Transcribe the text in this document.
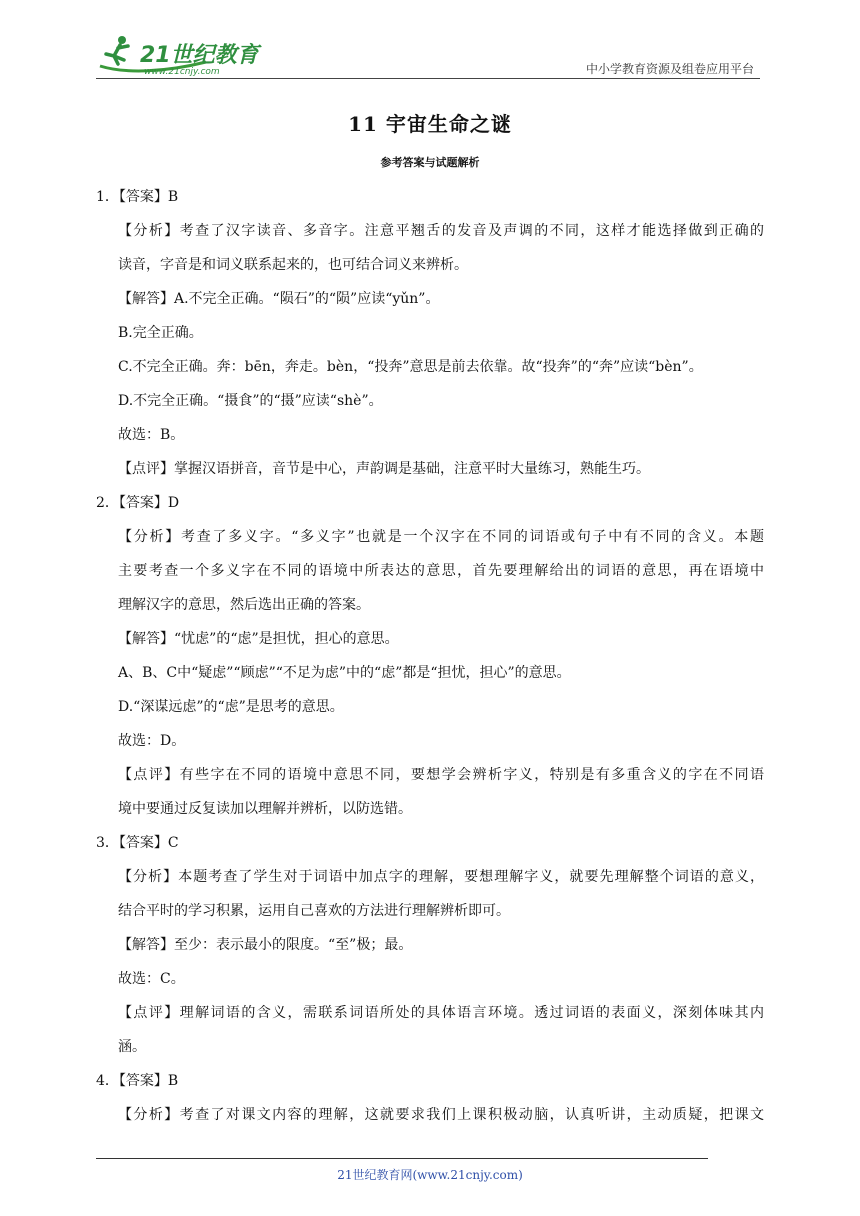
21世纪教育
www.21cnjy.com	中小学教育资源及组卷应用平台
11 宇宙生命之谜
参考答案与试题解析
1．【答案】B
【分析】考查了汉字读音、多音字。注意平翘舌的发音及声调的不同，这样才能选择做到正确的
读音，字音是和词义联系起来的，也可结合词义来辨析。
【解答】A.不完全正确。“陨石”的“陨”应读“yǔn”。
B.完全正确。
C.不完全正确。奔：bēn，奔走。bèn，“投奔”意思是前去依靠。故“投奔”的“奔”应读“bèn”。
D.不完全正确。“摄食”的“摄”应读“shè”。
故选：B。
【点评】掌握汉语拼音，音节是中心，声韵调是基础，注意平时大量练习，熟能生巧。
2．【答案】D
【分析】考查了多义字。“多义字”也就是一个汉字在不同的词语或句子中有不同的含义。本题
主要考查一个多义字在不同的语境中所表达的意思，首先要理解给出的词语的意思，再在语境中
理解汉字的意思，然后选出正确的答案。
【解答】“忧虑”的“虑”是担忧，担心的意思。
A、B、C中“疑虑”“顾虑”“不足为虑”中的“虑”都是“担忧，担心”的意思。
D.“深谋远虑”的“虑”是思考的意思。
故选：D。
【点评】有些字在不同的语境中意思不同，要想学会辨析字义，特别是有多重含义的字在不同语
境中要通过反复读加以理解并辨析，以防选错。
3．【答案】C
【分析】本题考查了学生对于词语中加点字的理解，要想理解字义，就要先理解整个词语的意义，
结合平时的学习积累，运用自己喜欢的方法进行理解辨析即可。
【解答】至少：表示最小的限度。“至”极；最。
故选：C。
【点评】理解词语的含义，需联系词语所处的具体语言环境。透过词语的表面义，深刻体味其内
涵。
4．【答案】B
【分析】考查了对课文内容的理解，这就要求我们上课积极动脑，认真听讲，主动质疑，把课文
21世纪教育网(www.21cnjy.com)
